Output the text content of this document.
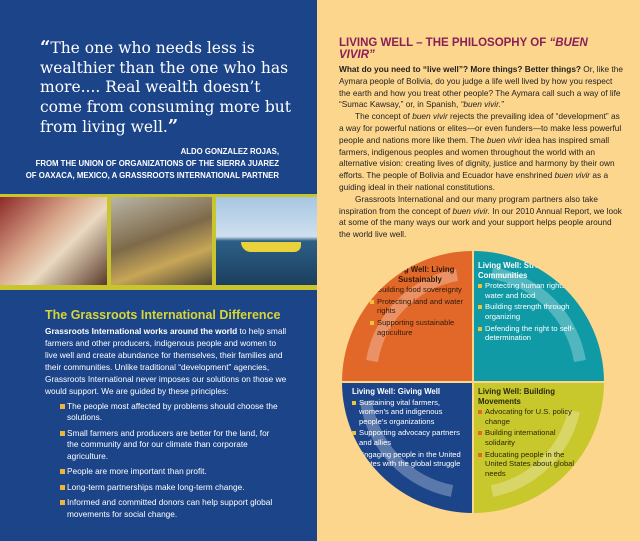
“The one who needs less is wealthier than the one who has more.... Real wealth doesn’t come from consuming more but from living well.”
ALDO GONZALEZ ROJAS,
FROM THE UNION OF ORGANIZATIONS OF THE SIERRA JUAREZ
OF OAXACA, MEXICO, A GRASSROOTS INTERNATIONAL PARTNER
The Grassroots International Difference
Grassroots International works around the world to help small farmers and other producers, indigenous people and women to live well and create abundance for themselves, their families and their communities. Unlike traditional “development” agencies, Grassroots International never imposes our solutions on those we would support. We are guided by these principles:
The people most affected by problems should choose the solutions.
Small farmers and producers are better for the land, for the community and for our climate than corporate agriculture.
People are more important than profit.
Long-term partnerships make long-term change.
Informed and committed donors can help support global movements for social change.
LIVING WELL – THE PHILOSOPHY OF “BUEN VIVIR”

What do you need to “live well”? More things? Better things? Or, like the Aymara people of Bolivia, do you judge a life well lived by how you respect the earth and how you treat other people? The Aymara call such a way of life “Sumac Kawsay,” or, in Spanish, “buen vivir.”

The concept of buen vivir rejects the prevailing idea of “development” as a way for powerful nations or elites—or even funders—to make less powerful people and nations more like them. The buen vivir idea has inspired small farmers, indigenous peoples and women throughout the world with an alternative vision: creating lives of dignity, justice and harmony by their own efforts. The people of Bolivia and Ecuador have enshrined buen vivir as a guiding ideal in their national constitutions.

Grassroots International and our many program partners also take inspiration from the concept of buen vivir. In our 2010 Annual Report, we look at some of the many ways our work and your support helps people around the world live well.

Living Well: Living Sustainably
Building food sovereignty
Protecting land and water rights
Supporting sustainable agriculture
Living Well: Strengthening Communities
Protecting human rights to land, water and food
Building strength through organizing
Defending the right to self-determination
Living Well: Giving Well
Sustaining vital farmers, women’s and indigenous people’s organizations
Supporting advocacy partners and allies
Engaging people in the United States with the global struggle
Living Well: Building Movements
Advocating for U.S. policy change
Building international solidarity
Educating people in the United States about global needs
